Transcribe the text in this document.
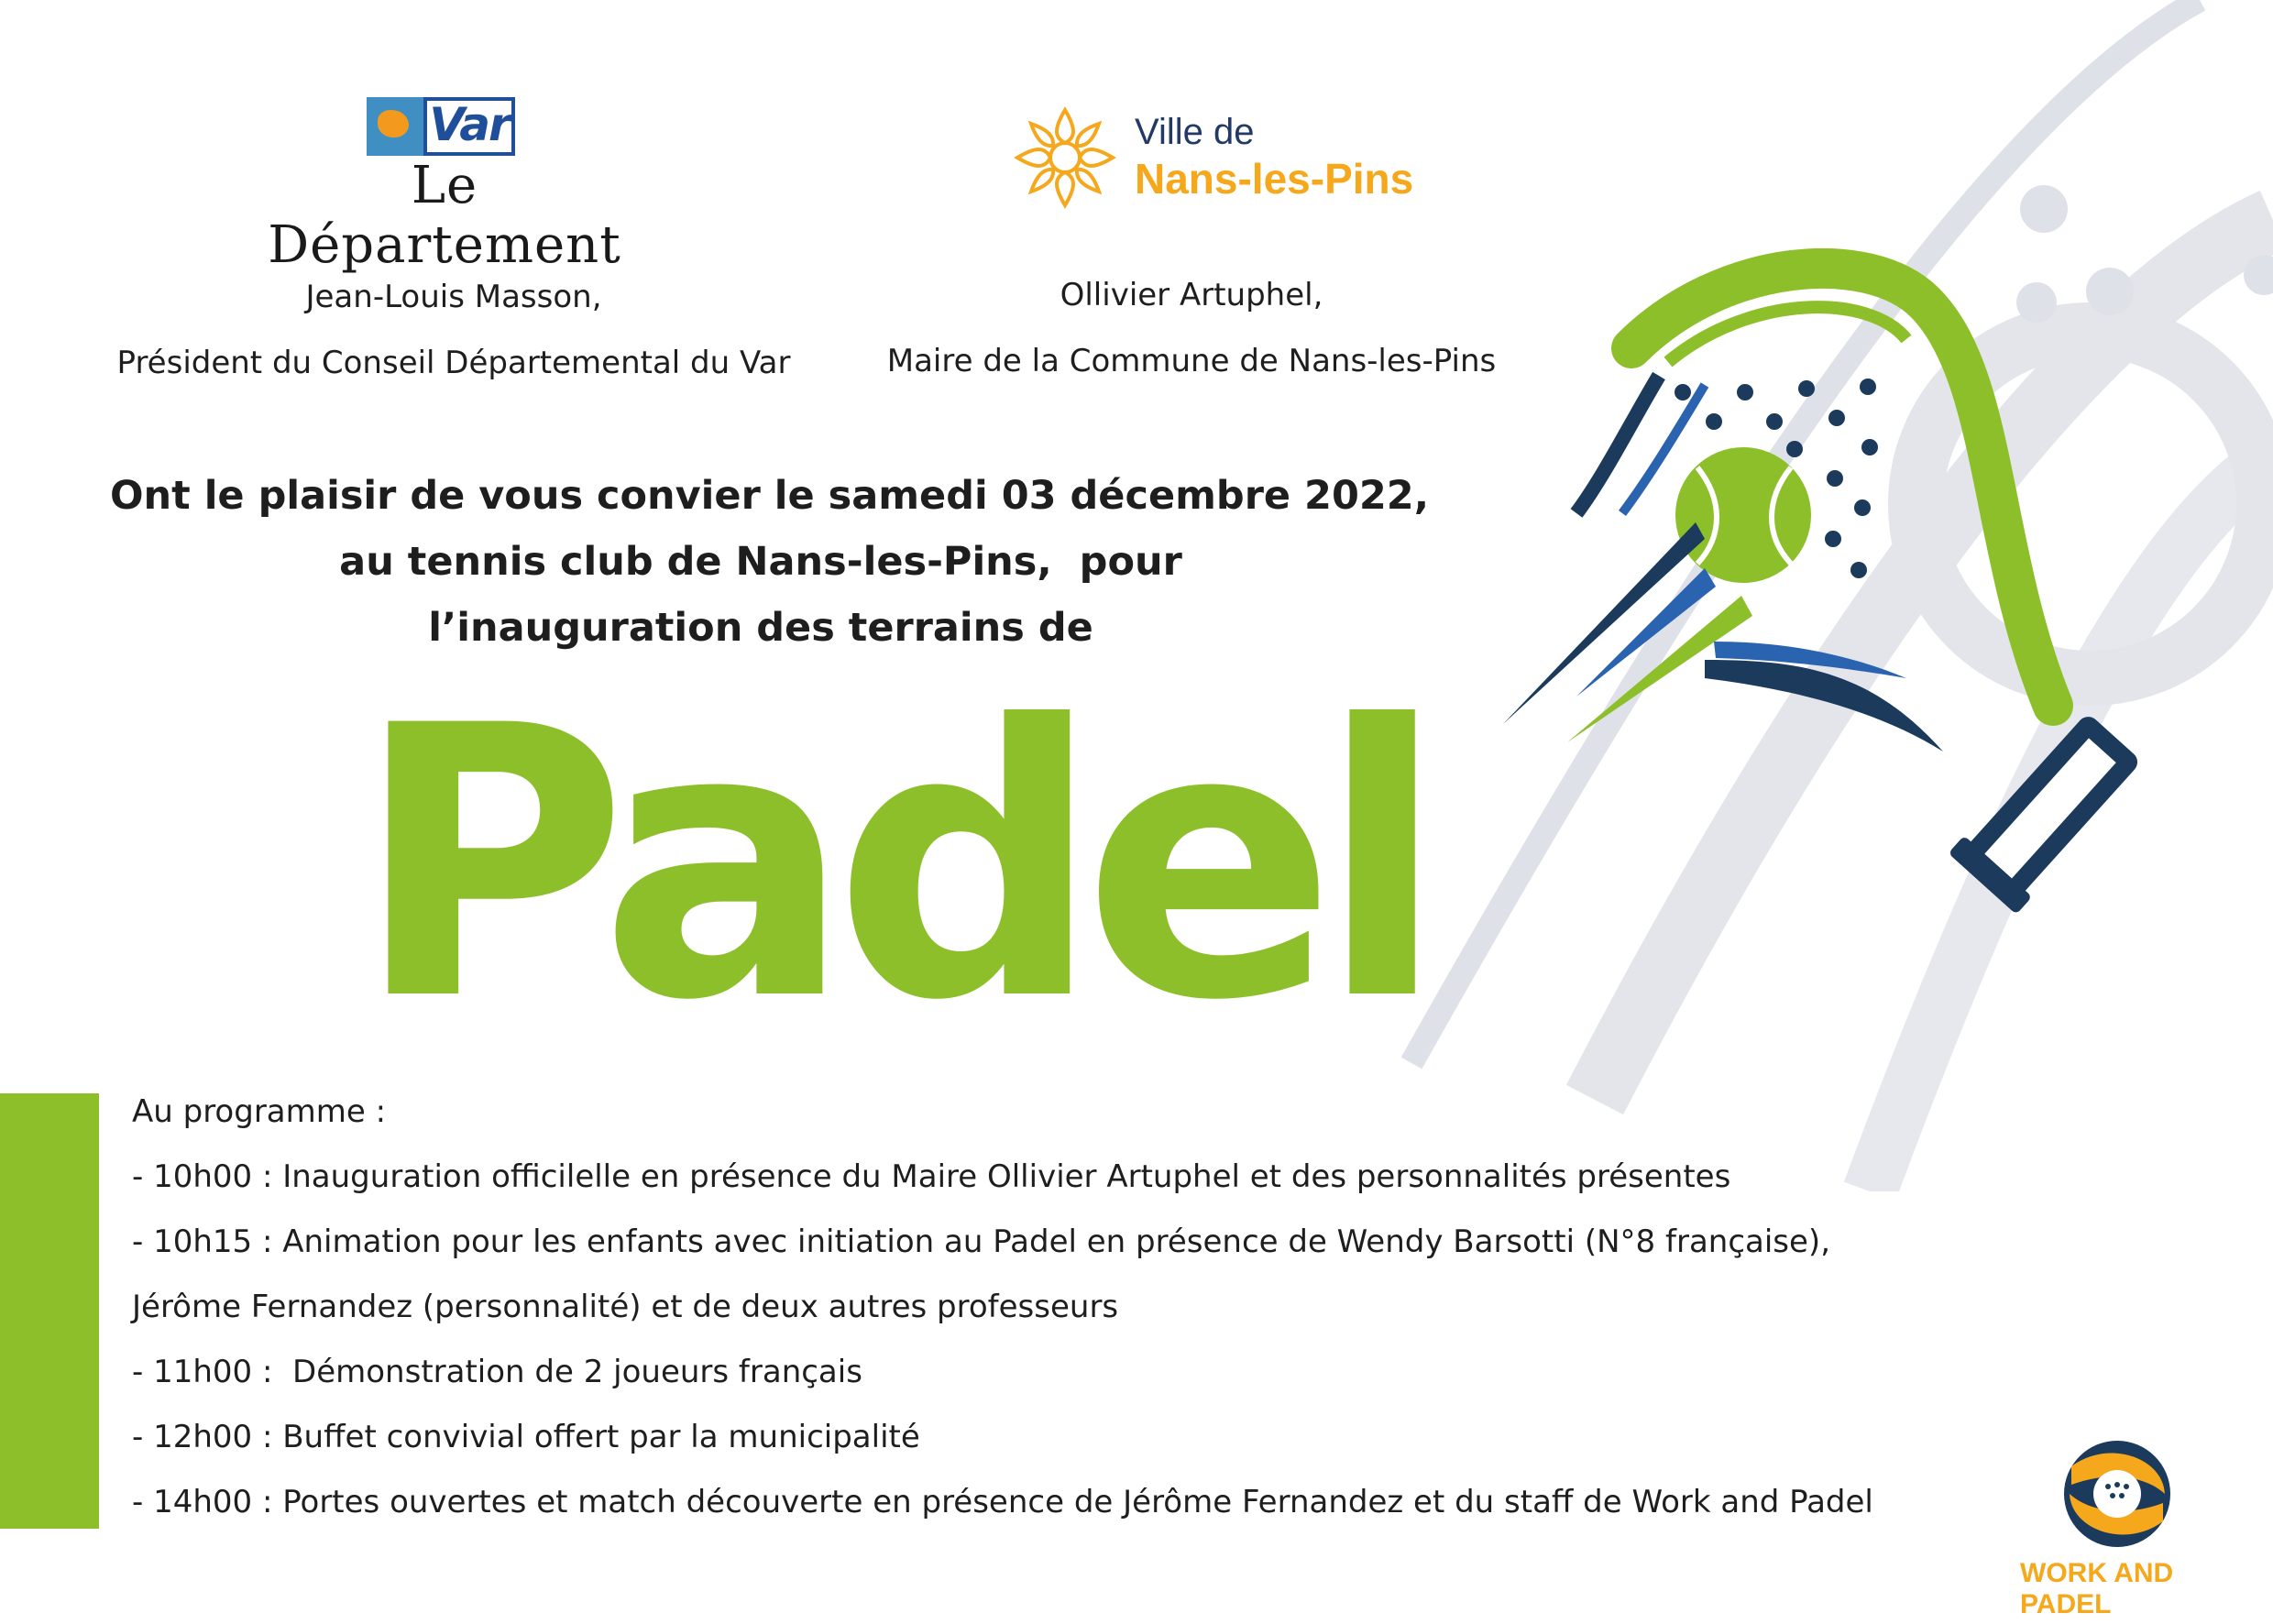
Var
Le Département
Ville de
Nans-les-Pins
Jean-Louis Masson,
Président du Conseil Départemental du Var
Ollivier Artuphel,
Maire de la Commune de Nans-les-Pins
Ont le plaisir de vous convier le samedi 03 décembre 2022,
au tennis club de Nans-les-Pins,  pour
l’inauguration des terrains de
Padel
Au programme :
- 10h00 : Inauguration officilelle en présence du Maire Ollivier Artuphel et des personnalités présentes
- 10h15 : Animation pour les enfants avec initiation au Padel en présence de Wendy Barsotti (N°8 française),
Jérôme Fernandez (personnalité) et de deux autres professeurs
- 11h00 :  Démonstration de 2 joueurs français
- 12h00 : Buffet convivial offert par la municipalité
- 14h00 : Portes ouvertes et match découverte en présence de Jérôme Fernandez et du staff de Work and Padel
WORK AND PADEL
